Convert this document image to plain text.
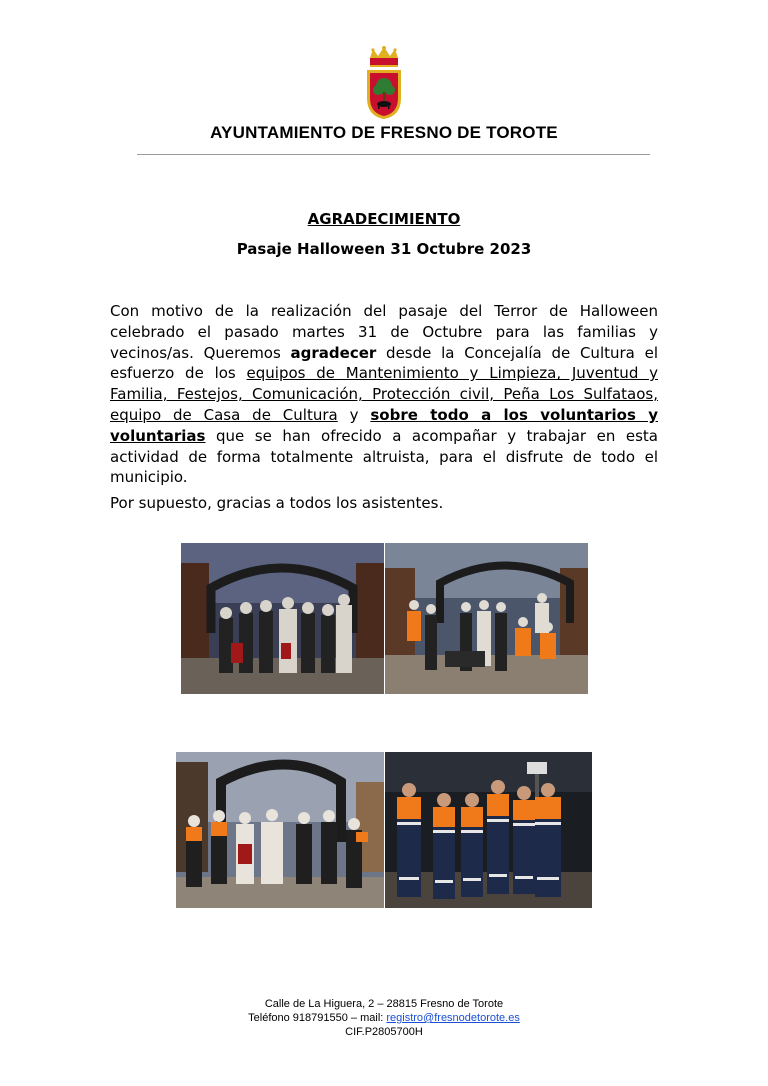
AYUNTAMIENTO DE FRESNO DE TOROTE
AGRADECIMIENTO
Pasaje Halloween 31 Octubre 2023

Con motivo de la realización del pasaje del Terror de Halloween celebrado el pasado martes 31 de Octubre para las familias y vecinos/as. Queremos agradecer desde la Concejalía de Cultura el esfuerzo de los equipos de Mantenimiento y Limpieza, Juventud y Familia, Festejos, Comunicación, Protección civil, Peña Los Sulfataos, equipo de Casa de Cultura y sobre todo a los voluntarios y voluntarias que se han ofrecido a acompañar y trabajar en esta actividad de forma totalmente altruista, para el disfrute de todo el municipio.

Por supuesto, gracias a todos los asistentes.

Calle de La Higuera, 2 – 28815 Fresno de Torote
Teléfono 918791550 – mail: registro@fresnodetorote.es
CIF.P2805700H
